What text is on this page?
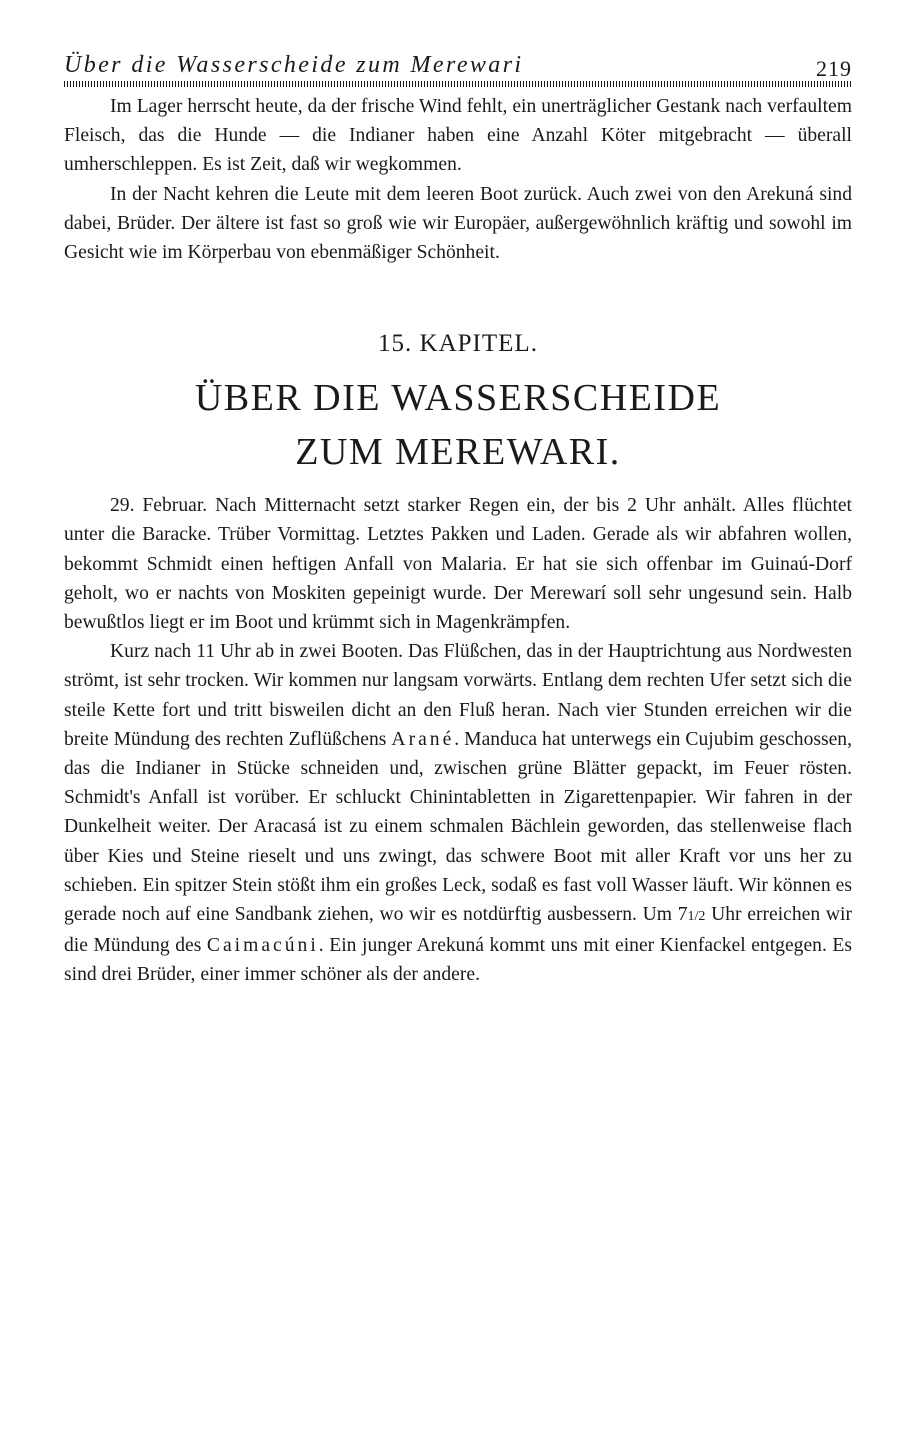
Über die Wasserscheide zum Merewari	219

Im Lager herrscht heute, da der frische Wind fehlt, ein unerträglicher Gestank nach verfaultem Fleisch, das die Hunde — die Indianer haben eine Anzahl Köter mitgebracht — überall umherschleppen. Es ist Zeit, daß wir wegkommen.

In der Nacht kehren die Leute mit dem leeren Boot zurück. Auch zwei von den Arekuná sind dabei, Brüder. Der ältere ist fast so groß wie wir Europäer, außergewöhnlich kräftig und sowohl im Gesicht wie im Körperbau von ebenmäßiger Schönheit.

15. KAPITEL.
ÜBER DIE WASSERSCHEIDE
ZUM MEREWARI.

29. Februar. Nach Mitternacht setzt starker Regen ein, der bis 2 Uhr anhält. Alles flüchtet unter die Baracke. Trüber Vormittag. Letztes Pakken und Laden. Gerade als wir abfahren wollen, bekommt Schmidt einen heftigen Anfall von Malaria. Er hat sie sich offenbar im Guinaú-Dorf geholt, wo er nachts von Moskiten gepeinigt wurde. Der Merewarí soll sehr ungesund sein. Halb bewußtlos liegt er im Boot und krümmt sich in Magenkrämpfen.

Kurz nach 11 Uhr ab in zwei Booten. Das Flüßchen, das in der Hauptrichtung aus Nordwesten strömt, ist sehr trocken. Wir kommen nur langsam vorwärts. Entlang dem rechten Ufer setzt sich die steile Kette fort und tritt bisweilen dicht an den Fluß heran. Nach vier Stunden erreichen wir die breite Mündung des rechten Zuflüßchens Arané. Manduca hat unterwegs ein Cujubim geschossen, das die Indianer in Stücke schneiden und, zwischen grüne Blätter gepackt, im Feuer rösten. Schmidt's Anfall ist vorüber. Er schluckt Chinintabletten in Zigarettenpapier. Wir fahren in der Dunkelheit weiter. Der Aracasá ist zu einem schmalen Bächlein geworden, das stellenweise flach über Kies und Steine rieselt und uns zwingt, das schwere Boot mit aller Kraft vor uns her zu schieben. Ein spitzer Stein stößt ihm ein großes Leck, sodaß es fast voll Wasser läuft. Wir können es gerade noch auf eine Sandbank ziehen, wo wir es notdürftig ausbessern. Um 71/2 Uhr erreichen wir die Mündung des Caimacúni. Ein junger Arekuná kommt uns mit einer Kienfackel entgegen. Es sind drei Brüder, einer immer schöner als der andere.
